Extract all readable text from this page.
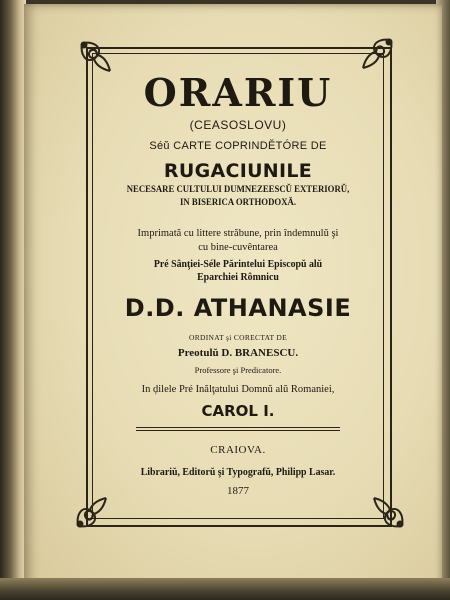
ORARIU
(CEASOSLOVU)
Séŭ CARTE COPRINDĔTÓRE DE
RUGACIUNILE
NECESARE CULTULUI DUMNEZEESCŬ EXTERIORŬ,
IN BISERICA ORTHODOXĂ.
Imprimată cu littere străbune, prin îndemnulŭ şi
cu bine-cuvêntarea
Pré Sânţiei-Séle Părintelui Episcopŭ alŭ
Eparchiei Rômnicu
D.D. ATHANASIE
ORDINAT şi CORECTAT DE
Preotulŭ D. BRANESCU.
Professore şi Predicatore.
In ḑilele Pré Inălţatului Domnŭ alŭ Romaniei,
CAROL I.
CRAIOVA.
Librariŭ, Editorŭ şi Typografŭ, Philipp Lasar.
1877
